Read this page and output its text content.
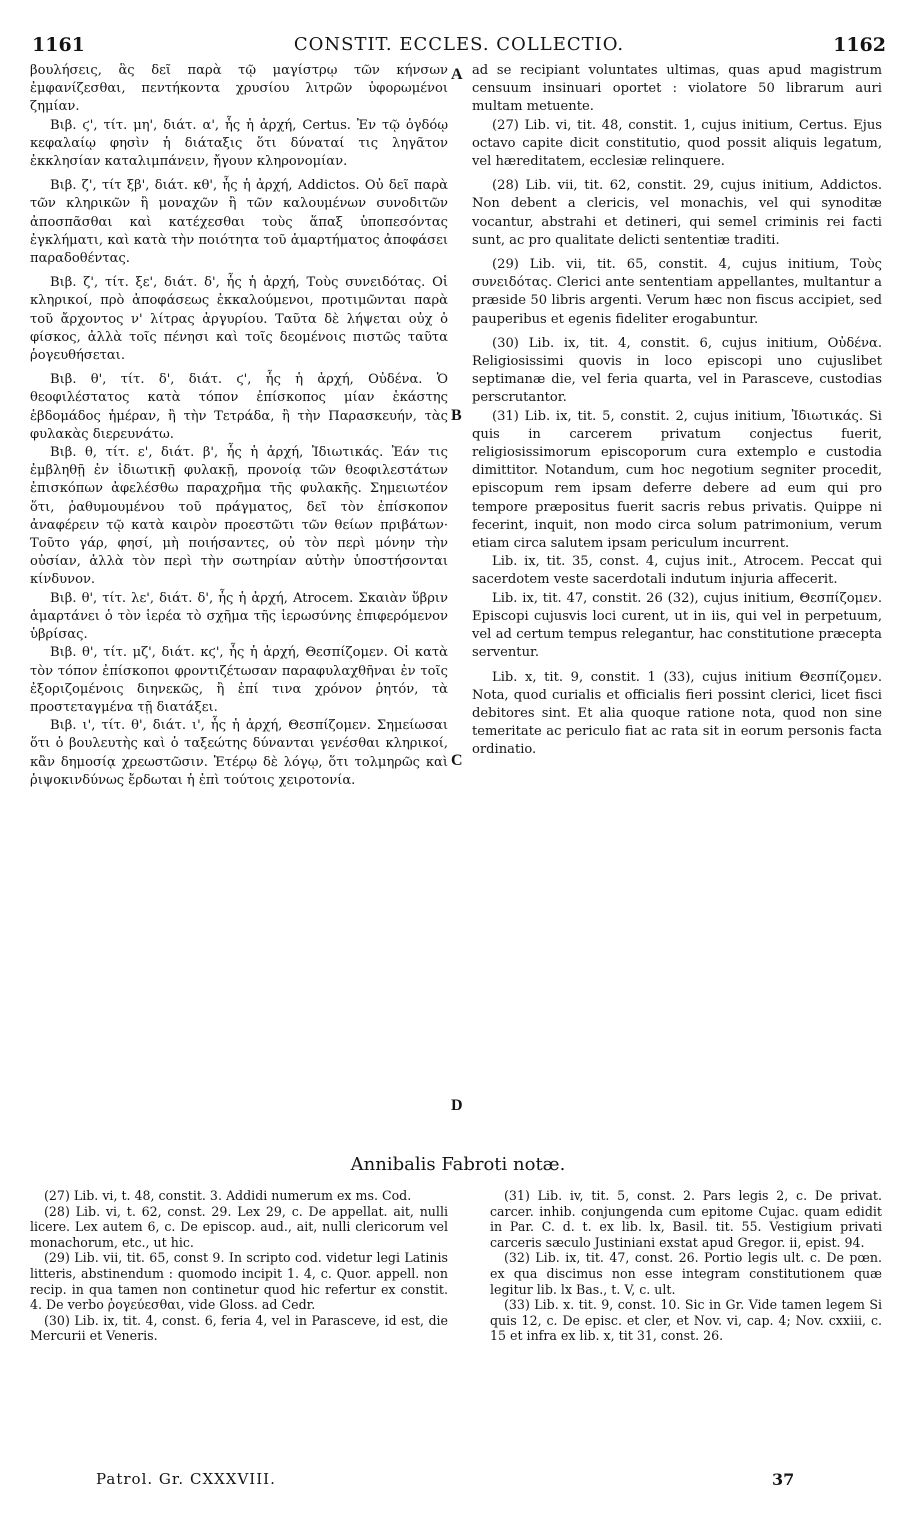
1161	CONSTIT. ECCLES. COLLECTIO.	1162
βουλήσεις, ἃς δεῖ παρὰ τῷ μαγίστρῳ τῶν κήνσων ἐμφανίζεσθαι, πεντήκοντα χρυσίου λιτρῶν ὑφορωμένοι ζημίαν.
Βιβ. ϛ', τίτ. μη', διάτ. α', ἧς ἡ ἀρχή, Certus. Ἐν τῷ ὀγδόῳ κεφαλαίῳ φησὶν ἡ διάταξις ὅτι δύναταί τις ληγᾶτον ἐκκλησίαν καταλιμπάνειν, ἤγουν κληρονομίαν.
Βιβ. ζ', τίτ ξβ', διάτ. κθ', ἧς ἡ ἀρχή, Addictos. Οὐ δεῖ παρὰ τῶν κληρικῶν ἢ μοναχῶν ἢ τῶν καλουμένων συνοδιτῶν ἀποσπᾶσθαι καὶ κατέχεσθαι τοὺς ἅπαξ ὑποπεσόντας ἐγκλήματι, καὶ κατὰ τὴν ποιότητα τοῦ ἁμαρτήματος ἀποφάσει παραδοθέντας.
Βιβ. ζ', τίτ. ξε', διάτ. δ', ἧς ἡ ἀρχή, Τοὺς συνειδότας. Οἱ κληρικοί, πρὸ ἀποφάσεως ἐκκαλούμενοι, προτιμῶνται παρὰ τοῦ ἄρχοντος ν' λίτρας ἀργυρίου. Ταῦτα δὲ λήψεται οὐχ ὁ φίσκος, ἀλλὰ τοῖς πένησι καὶ τοῖς δεομένοις πιστῶς ταῦτα ῥογευθήσεται.
Βιβ. θ', τίτ. δ', διάτ. ϛ', ἧς ἡ ἀρχή, Οὐδένα. Ὁ θεοφιλέστατος κατὰ τόπον ἐπίσκοπος μίαν ἑκάστης ἑβδομάδος ἡμέραν, ἢ τὴν Τετράδα, ἢ τὴν Παρασκευήν, τὰς φυλακὰς διερευνάτω.
Βιβ. θ, τίτ. ε', διάτ. β', ἧς ἡ ἀρχή, Ἰδιωτικάς. Ἐάν τις ἐμβληθῇ ἐν ἰδιωτικῇ φυλακῇ, προνοίᾳ τῶν θεοφιλεστάτων ἐπισκόπων ἀφελέσθω παραχρῆμα τῆς φυλακῆς. Σημειωτέον ὅτι, ῥαθυμουμένου τοῦ πράγματος, δεῖ τὸν ἐπίσκοπον ἀναφέρειν τῷ κατὰ καιρὸν προεστῶτι τῶν θείων πριβάτων· Τοῦτο γάρ, φησί, μὴ ποιήσαντες, οὐ τὸν περὶ μόνην τὴν οὐσίαν, ἀλλὰ τὸν περὶ τὴν σωτηρίαν αὐτὴν ὑποστήσονται κίνδυνον.
Βιβ. θ', τίτ. λε', διάτ. δ', ἧς ἡ ἀρχή, Atrocem. Σκαιὰν ὕβριν ἁμαρτάνει ὁ τὸν ἱερέα τὸ σχῆμα τῆς ἱερωσύνης ἐπιφερόμενον ὑβρίσας.
Βιβ. θ', τίτ. μζ', διάτ. κϛ', ἧς ἡ ἀρχή, Θεσπίζομεν. Οἱ κατὰ τὸν τόπον ἐπίσκοποι φροντιζέτωσαν παραφυλαχθῆναι ἐν τοῖς ἐξοριζομένοις διηνεκῶς, ἢ ἐπί τινα χρόνον ῥητόν, τὰ προστεταγμένα τῇ διατάξει.
Βιβ. ι', τίτ. θ', διάτ. ι', ἧς ἡ ἀρχή, Θεσπίζομεν. Σημείωσαι ὅτι ὁ βουλευτὴς καὶ ὁ ταξεώτης δύνανται γενέσθαι κληρικοί, κἂν δημοσίᾳ χρεωστῶσιν. Ἑτέρῳ δὲ λόγῳ, ὅτι τολμηρῶς καὶ ῥιψοκινδύνως ἔρδωται ἡ ἐπὶ τούτοις χειροτονία.
A
B
C
D
ad se recipiant voluntates ultimas, quas apud magistrum censuum insinuari oportet : violatore 50 librarum auri multam metuente.
(27) Lib. vi, tit. 48, constit. 1, cujus initium, Certus. Ejus octavo capite dicit constitutio, quod possit aliquis legatum, vel hæreditatem, ecclesiæ relinquere.
(28) Lib. vii, tit. 62, constit. 29, cujus initium, Addictos. Non debent a clericis, vel monachis, vel qui synoditæ vocantur, abstrahi et detineri, qui semel criminis rei facti sunt, ac pro qualitate delicti sententiæ traditi.
(29) Lib. vii, tit. 65, constit. 4, cujus initium, Τοὺς συνειδότας. Clerici ante sententiam appellantes, multantur a præside 50 libris argenti. Verum hæc non fiscus accipiet, sed pauperibus et egenis fideliter erogabuntur.
(30) Lib. ix, tit. 4, constit. 6, cujus initium, Οὐδένα. Religiosissimi quovis in loco episcopi uno cujuslibet septimanæ die, vel feria quarta, vel in Parasceve, custodias perscrutantor.
(31) Lib. ix, tit. 5, constit. 2, cujus initium, Ἰδιωτικάς. Si quis in carcerem privatum conjectus fuerit, religiosissimorum episcoporum cura extemplo e custodia dimittitor. Notandum, cum hoc negotium segniter procedit, episcopum rem ipsam deferre debere ad eum qui pro tempore præpositus fuerit sacris rebus privatis. Quippe ni fecerint, inquit, non modo circa solum patrimonium, verum etiam circa salutem ipsam periculum incurrent.
Lib. ix, tit. 35, const. 4, cujus init., Atrocem. Peccat qui sacerdotem veste sacerdotali indutum injuria affecerit.
Lib. ix, tit. 47, constit. 26 (32), cujus initium, Θεσπίζομεν. Episcopi cujusvis loci curent, ut in iis, qui vel in perpetuum, vel ad certum tempus relegantur, hac constitutione præcepta serventur.
Lib. x, tit. 9, constit. 1 (33), cujus initium Θεσπίζομεν. Nota, quod curialis et officialis fieri possint clerici, licet fisci debitores sint. Et alia quoque ratione nota, quod non sine temeritate ac periculo fiat ac rata sit in eorum personis facta ordinatio.
Annibalis Fabroti notæ.
(27) Lib. vi, t. 48, constit. 3. Addidi numerum ex ms. Cod.
(28) Lib. vi, t. 62, const. 29. Lex 29, c. De appellat. ait, nulli licere. Lex autem 6, c. De episcop. aud., ait, nulli clericorum vel monachorum, etc., ut hic.
(29) Lib. vii, tit. 65, const 9. In scripto cod. videtur legi Latinis litteris, abstinendum : quomodo incipit 1. 4, c. Quor. appell. non recip. in qua tamen non continetur quod hic refertur ex constit. 4. De verbo ῥογεύεσθαι, vide Gloss. ad Cedr.
(30) Lib. ix, tit. 4, const. 6, feria 4, vel in Parasceve, id est, die Mercurii et Veneris.
(31) Lib. iv, tit. 5, const. 2. Pars legis 2, c. De privat. carcer. inhib. conjungenda cum epitome Cujac. quam edidit in Par. C. d. t. ex lib. lx, Basil. tit. 55. Vestigium privati carceris sæculo Justiniani exstat apud Gregor. ii, epist. 94.
(32) Lib. ix, tit. 47, const. 26. Portio legis ult. c. De pœn. ex qua discimus non esse integram constitutionem quæ legitur lib. lx Bas., t. V, c. ult.
(33) Lib. x. tit. 9, const. 10. Sic in Gr. Vide tamen legem Si quis 12, c. De episc. et cler, et Nov. vi, cap. 4; Nov. cxxiii, c. 15 et infra ex lib. x, tit 31, const. 26.
Patrol. Gr. CXXXVIII.	37
